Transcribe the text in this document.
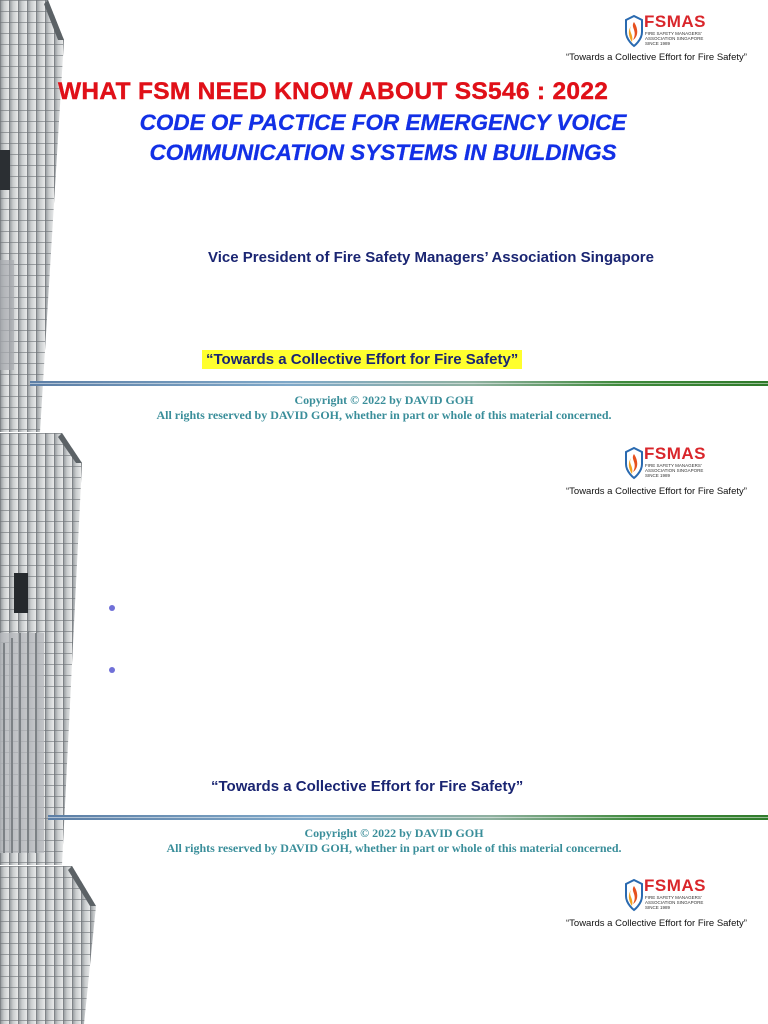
FSMAS
FIRE SAFETY MANAGERS' ASSOCIATION SINGAPORE SINCE 1989
“Towards a Collective Effort for Fire Safety”
WHAT FSM NEED KNOW ABOUT SS546 : 2022
CODE OF PACTICE FOR EMERGENCY VOICE
COMMUNICATION SYSTEMS IN BUILDINGS
Vice President of Fire Safety Managers’ Association Singapore
“Towards a Collective Effort for Fire Safety”
Copyright © 2022 by DAVID GOH
All rights reserved by DAVID GOH, whether in part or whole of this material concerned.
FSMAS
FIRE SAFETY MANAGERS' ASSOCIATION SINGAPORE SINCE 1989
“Towards a Collective Effort for Fire Safety”
“Towards a Collective Effort for Fire Safety”
Copyright © 2022 by DAVID GOH
All rights reserved by DAVID GOH, whether in part or whole of this material concerned.
FSMAS
FIRE SAFETY MANAGERS' ASSOCIATION SINGAPORE SINCE 1989
“Towards a Collective Effort for Fire Safety”
